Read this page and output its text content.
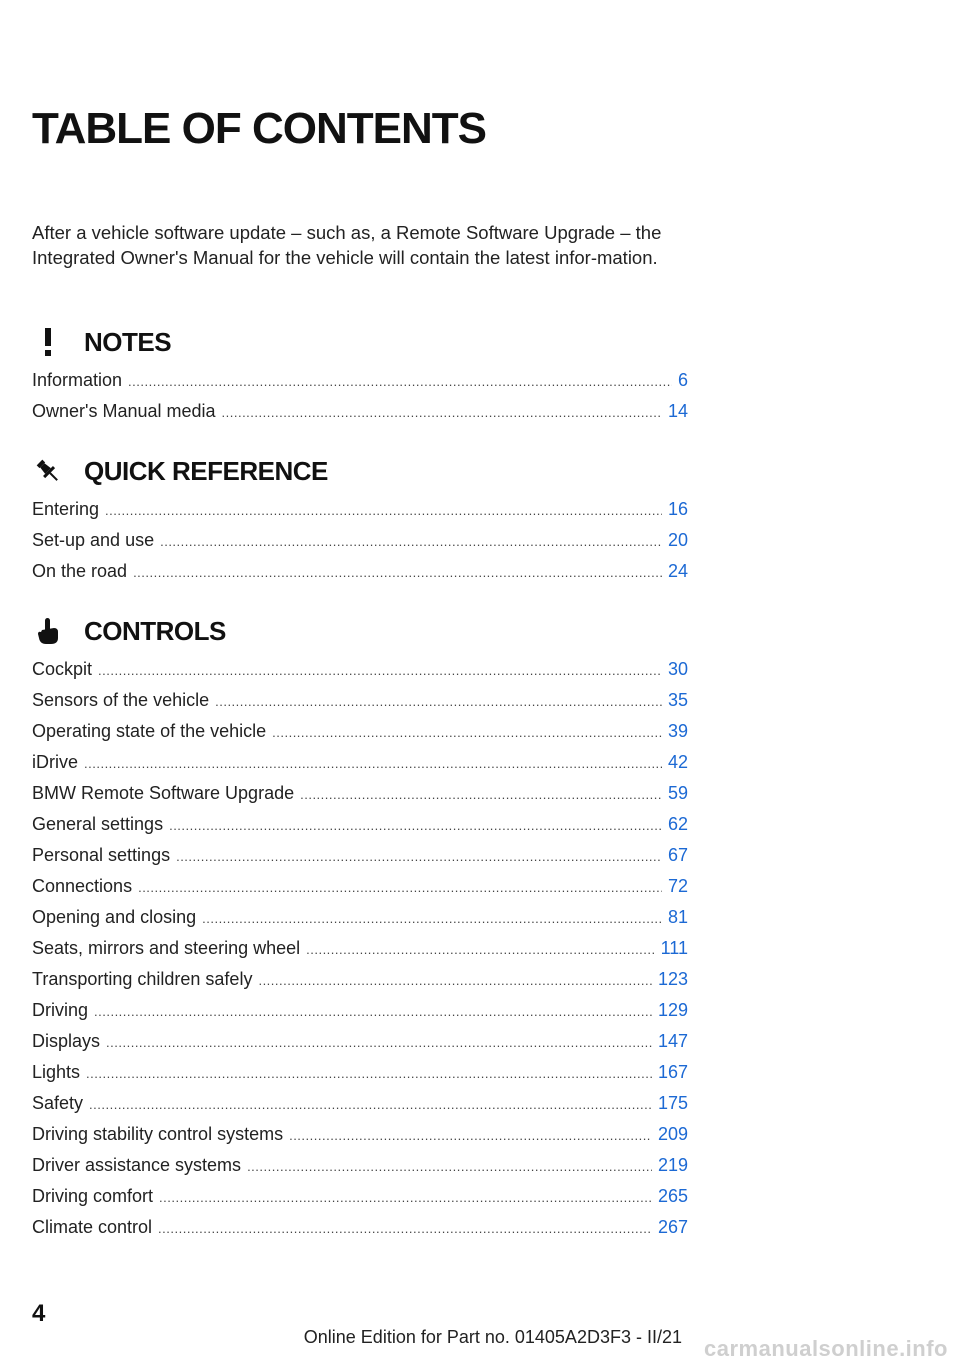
TABLE OF CONTENTS

After a vehicle software update – such as, a Remote Software Upgrade – the Integrated Owner's Manual for the vehicle will contain the latest infor-mation.

NOTES
Information .....	6
Owner's Manual media .....	14
QUICK REFERENCE
Entering .....	16
Set-up and use .....	20
On the road .....	24
CONTROLS
Cockpit .....	30
Sensors of the vehicle .....	35
Operating state of the vehicle .....	39
iDrive .....	42
BMW Remote Software Upgrade .....	59
General settings .....	62
Personal settings .....	67
Connections .....	72
Opening and closing .....	81
Seats, mirrors and steering wheel .....	111
Transporting children safely .....	123
Driving .....	129
Displays .....	147
Lights .....	167
Safety .....	175
Driving stability control systems .....	209
Driver assistance systems .....	219
Driving comfort .....	265
Climate control .....	267
4
Online Edition for Part no. 01405A2D3F3 - II/21 carmanualsonline.info
